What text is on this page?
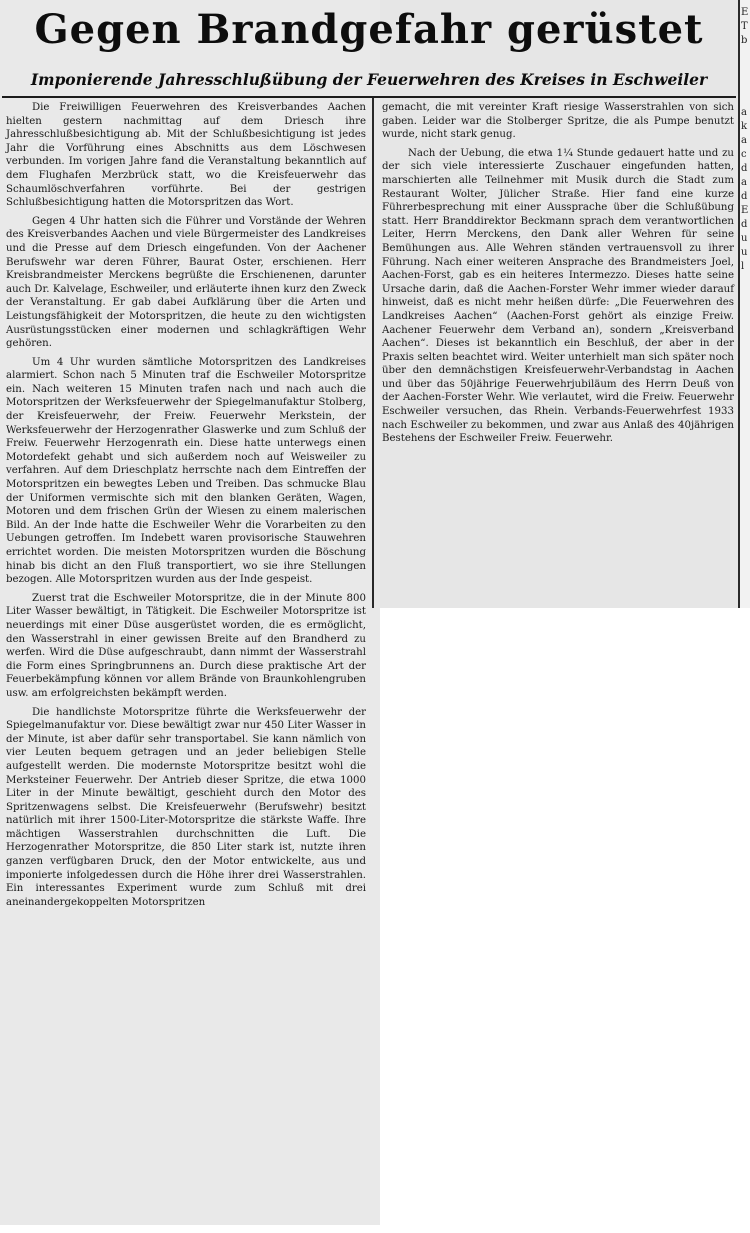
E
T
b
a
k
a
c
d
a
d
E
d
u
u
l
Gegen Brandgefahr gerüstet
Imponierende Jahresschlußübung der Feuerwehren des Kreises in Eschweiler

Die Freiwilligen Feuerwehren des Kreisverbandes Aachen hielten gestern nachmittag auf dem Driesch ihre Jahresschlußbesichtigung ab. Mit der Schlußbesichtigung ist jedes Jahr die Vorführung eines Abschnitts aus dem Löschwesen verbunden. Im vorigen Jahre fand die Veranstaltung bekanntlich auf dem Flughafen Merzbrück statt, wo die Kreisfeuerwehr das Schaumlöschverfahren vorführte. Bei der gestrigen Schlußbesichtigung hatten die Motorspritzen das Wort.

Gegen 4 Uhr hatten sich die Führer und Vorstände der Wehren des Kreisverbandes Aachen und viele Bürgermeister des Landkreises und die Presse auf dem Driesch eingefunden. Von der Aachener Berufswehr war deren Führer, Baurat Oster, erschienen. Herr Kreisbrandmeister Merckens begrüßte die Erschienenen, darunter auch Dr. Kalvelage, Eschweiler, und erläuterte ihnen kurz den Zweck der Veranstaltung. Er gab dabei Aufklärung über die Arten und Leistungsfähigkeit der Motorspritzen, die heute zu den wichtigsten Ausrüstungsstücken einer modernen und schlagkräftigen Wehr gehören.

Um 4 Uhr wurden sämtliche Motorspritzen des Landkreises alarmiert. Schon nach 5 Minuten traf die Eschweiler Motorspritze ein. Nach weiteren 15 Minuten trafen nach und nach auch die Motorspritzen der Werksfeuerwehr der Spiegelmanufaktur Stolberg, der Kreisfeuerwehr, der Freiw. Feuerwehr Merkstein, der Werksfeuerwehr der Herzogenrather Glaswerke und zum Schluß der Freiw. Feuerwehr Herzogenrath ein. Diese hatte unterwegs einen Motordefekt gehabt und sich außerdem noch auf Weisweiler zu verfahren. Auf dem Drieschplatz herrschte nach dem Eintreffen der Motorspritzen ein bewegtes Leben und Treiben. Das schmucke Blau der Uniformen vermischte sich mit den blanken Geräten, Wagen, Motoren und dem frischen Grün der Wiesen zu einem malerischen Bild. An der Inde hatte die Eschweiler Wehr die Vorarbeiten zu den Uebungen getroffen. Im Indebett waren provisorische Stauwehren errichtet worden. Die meisten Motorspritzen wurden die Böschung hinab bis dicht an den Fluß transportiert, wo sie ihre Stellungen bezogen. Alle Motorspritzen wurden aus der Inde gespeist.

Zuerst trat die Eschweiler Motorspritze, die in der Minute 800 Liter Wasser bewältigt, in Tätigkeit. Die Eschweiler Motorspritze ist neuerdings mit einer Düse ausgerüstet worden, die es ermöglicht, den Wasserstrahl in einer gewissen Breite auf den Brandherd zu werfen. Wird die Düse aufgeschraubt, dann nimmt der Wasserstrahl die Form eines Springbrunnens an. Durch diese praktische Art der Feuerbekämpfung können vor allem Brände von Braunkohlengruben usw. am erfolgreichsten bekämpft werden.

Die handlichste Motorspritze führte die Werksfeuerwehr der Spiegelmanufaktur vor. Diese bewältigt zwar nur 450 Liter Wasser in der Minute, ist aber dafür sehr transportabel. Sie kann nämlich von vier Leuten bequem getragen und an jeder beliebigen Stelle aufgestellt werden. Die modernste Motorspritze besitzt wohl die Merksteiner Feuerwehr. Der Antrieb dieser Spritze, die etwa 1000 Liter in der Minute bewältigt, geschieht durch den Motor des Spritzenwagens selbst. Die Kreisfeuerwehr (Berufswehr) besitzt natürlich mit ihrer 1500-Liter-Motorspritze die stärkste Waffe. Ihre mächtigen Wasserstrahlen durchschnitten die Luft. Die Herzogenrather Motorspritze, die 850 Liter stark ist, nutzte ihren ganzen verfügbaren Druck, den der Motor entwickelte, aus und imponierte infolgedessen durch die Höhe ihrer drei Wasserstrahlen. Ein interessantes Experiment wurde zum Schluß mit drei aneinandergekoppelten Motorspritzen

gemacht, die mit vereinter Kraft riesige Wasserstrahlen von sich gaben. Leider war die Stolberger Spritze, die als Pumpe benutzt wurde, nicht stark genug.

Nach der Uebung, die etwa 1¼ Stunde gedauert hatte und zu der sich viele interessierte Zuschauer eingefunden hatten, marschierten alle Teilnehmer mit Musik durch die Stadt zum Restaurant Wolter, Jülicher Straße. Hier fand eine kurze Führerbesprechung mit einer Aussprache über die Schlußübung statt. Herr Branddirektor Beckmann sprach dem verantwortlichen Leiter, Herrn Merckens, den Dank aller Wehren für seine Bemühungen aus. Alle Wehren ständen vertrauensvoll zu ihrer Führung. Nach einer weiteren Ansprache des Brandmeisters Joel, Aachen-Forst, gab es ein heiteres Intermezzo. Dieses hatte seine Ursache darin, daß die Aachen-Forster Wehr immer wieder darauf hinweist, daß es nicht mehr heißen dürfe: „Die Feuerwehren des Landkreises Aachen“ (Aachen-Forst gehört als einzige Freiw. Aachener Feuerwehr dem Verband an), sondern „Kreisverband Aachen“. Dieses ist bekanntlich ein Beschluß, der aber in der Praxis selten beachtet wird. Weiter unterhielt man sich später noch über den demnächstigen Kreisfeuerwehr-Verbandstag in Aachen und über das 50jährige Feuerwehrjubiläum des Herrn Deuß von der Aachen-Forster Wehr. Wie verlautet, wird die Freiw. Feuerwehr Eschweiler versuchen, das Rhein. Verbands-Feuerwehrfest 1933 nach Eschweiler zu bekommen, und zwar aus Anlaß des 40jährigen Bestehens der Eschweiler Freiw. Feuerwehr.
